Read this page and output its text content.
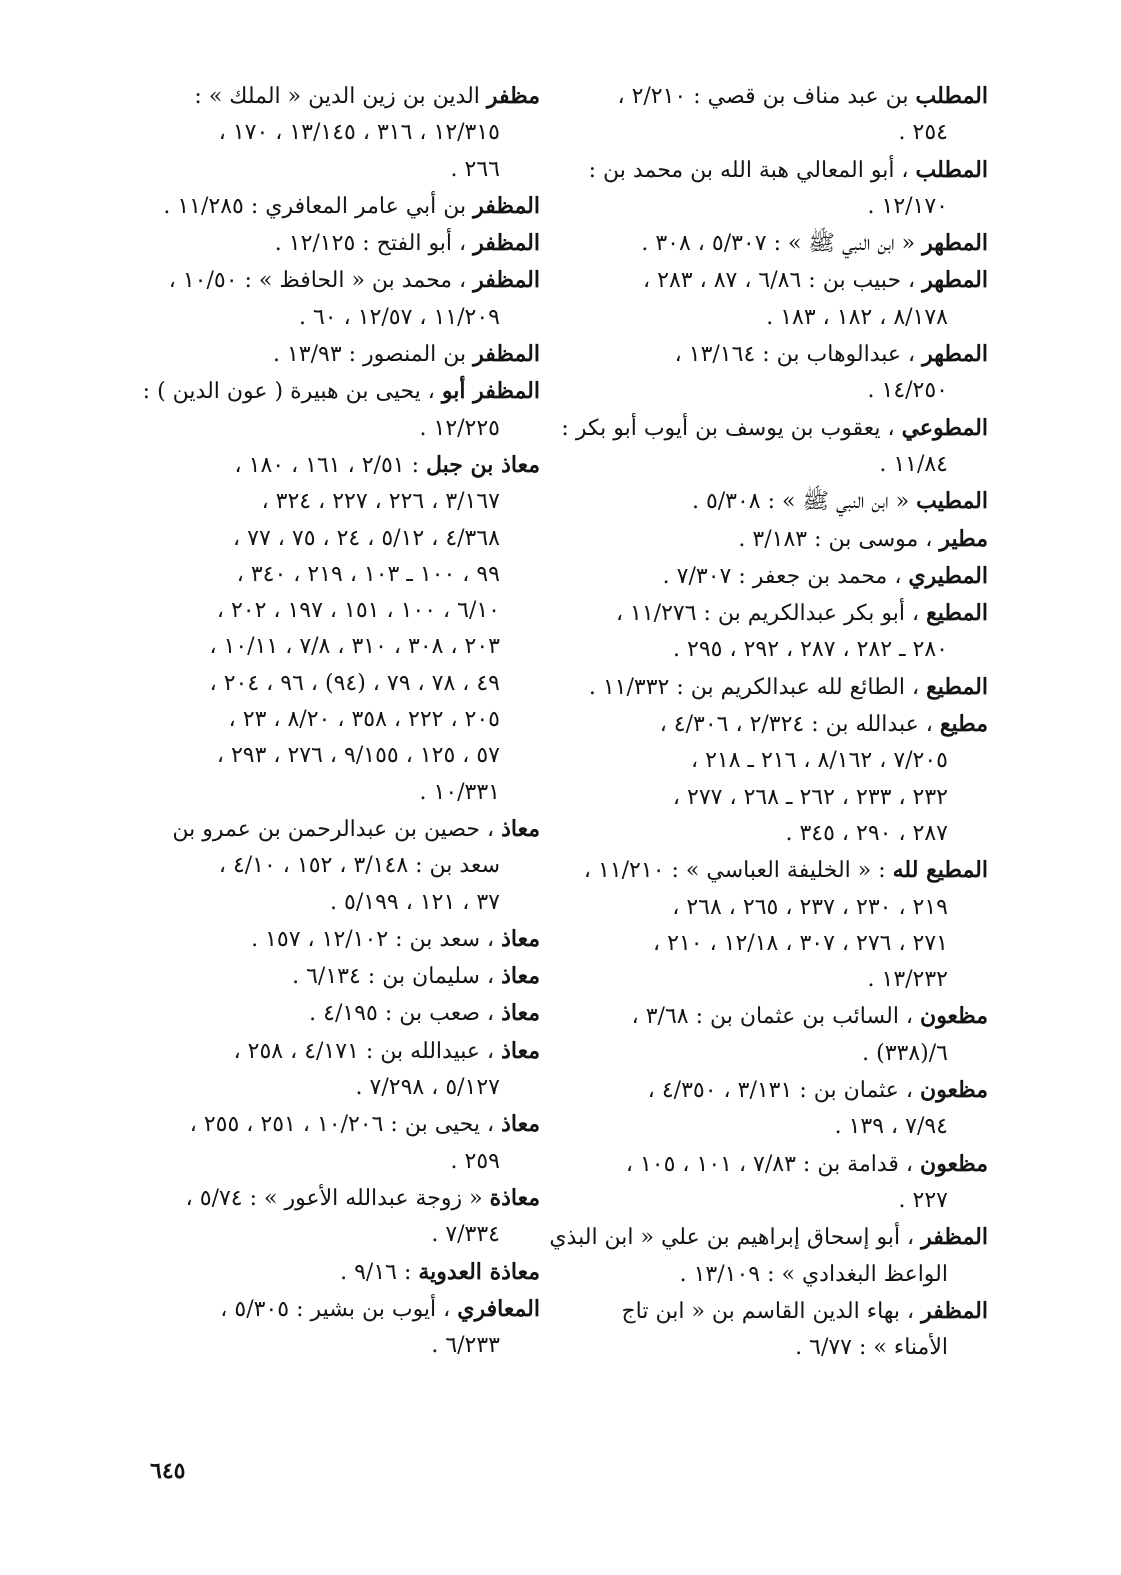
المطلب بن عبد مناف بن قصي : ٢/٢١٠ ،
٢٥٤ .
المطلب ، أبو المعالي هبة الله بن محمد بن :
١٢/١٧٠ .
المطهر « ابن النبي ﷺ » : ٥/٣٠٧ ، ٣٠٨ .
المطهر ، حبيب بن : ٦/٨٦ ، ٨٧ ، ٢٨٣ ،
٨/١٧٨ ، ١٨٢ ، ١٨٣ .
المطهر ، عبدالوهاب بن : ١٣/١٦٤ ،
١٤/٢٥٠ .
المطوعي ، يعقوب بن يوسف بن أيوب أبو بكر :
١١/٨٤ .
المطيب « ابن النبي ﷺ » : ٥/٣٠٨ .
مطير ، موسى بن : ٣/١٨٣ .
المطيري ، محمد بن جعفر : ٧/٣٠٧ .
المطيع ، أبو بكر عبدالكريم بن : ١١/٢٧٦ ،
٢٨٠ ـ ٢٨٢ ، ٢٨٧ ، ٢٩٢ ، ٢٩٥ .
المطيع ، الطائع لله عبدالكريم بن : ١١/٣٣٢ .
مطيع ، عبدالله بن : ٢/٣٢٤ ، ٤/٣٠٦ ،
٧/٢٠٥ ، ٨/١٦٢ ، ٢١٦ ـ ٢١٨ ،
٢٣٢ ، ٢٣٣ ، ٢٦٢ ـ ٢٦٨ ، ٢٧٧ ،
٢٨٧ ، ٢٩٠ ، ٣٤٥ .
المطيع لله : « الخليفة العباسي » : ١١/٢١٠ ،
٢١٩ ، ٢٣٠ ، ٢٣٧ ، ٢٦٥ ، ٢٦٨ ،
٢٧١ ، ٢٧٦ ، ٣٠٧ ، ١٢/١٨ ، ٢١٠ ،
١٣/٢٣٢ .
مظعون ، السائب بن عثمان بن : ٣/٦٨ ،
٦/(٣٣٨) .
مظعون ، عثمان بن : ٣/١٣١ ، ٤/٣٥٠ ،
٧/٩٤ ، ١٣٩ .
مظعون ، قدامة بن : ٧/٨٣ ، ١٠١ ، ١٠٥ ،
٢٢٧ .
المظفر ، أبو إسحاق إبراهيم بن علي « ابن البذي
الواعظ البغدادي » : ١٣/١٠٩ .
المظفر ، بهاء الدين القاسم بن « ابن تاج
الأمناء » : ٦/٧٧ .
مظفر الدين بن زين الدين « الملك » :
١٢/٣١٥ ، ٣١٦ ، ١٣/١٤٥ ، ١٧٠ ،
٢٦٦ .
المظفر بن أبي عامر المعافري : ١١/٢٨٥ .
المظفر ، أبو الفتح : ١٢/١٢٥ .
المظفر ، محمد بن « الحافظ » : ١٠/٥٠ ،
١١/٢٠٩ ، ١٢/٥٧ ، ٦٠ .
المظفر بن المنصور : ١٣/٩٣ .
المظفر أبو ، يحيى بن هبيرة ( عون الدين ) :
١٢/٢٢٥ .
معاذ بن جبل : ٢/٥١ ، ١٦١ ، ١٨٠ ،
٣/١٦٧ ، ٢٢٦ ، ٢٢٧ ، ٣٢٤ ،
٤/٣٦٨ ، ٥/١٢ ، ٢٤ ، ٧٥ ، ٧٧ ،
٩٩ ، ١٠٠ ـ ١٠٣ ، ٢١٩ ، ٣٤٠ ،
٦/١٠ ، ١٠٠ ، ١٥١ ، ١٩٧ ، ٢٠٢ ،
٢٠٣ ، ٣٠٨ ، ٣١٠ ، ٧/٨ ، ١٠/١١ ،
٤٩ ، ٧٨ ، ٧٩ ، (٩٤) ، ٩٦ ، ٢٠٤ ،
٢٠٥ ، ٢٢٢ ، ٣٥٨ ، ٨/٢٠ ، ٢٣ ،
٥٧ ، ١٢٥ ، ٩/١٥٥ ، ٢٧٦ ، ٢٩٣ ،
١٠/٣٣١ .
معاذ ، حصين بن عبدالرحمن بن عمرو بن
سعد بن : ٣/١٤٨ ، ١٥٢ ، ٤/١٠ ،
٣٧ ، ١٢١ ، ٥/١٩٩ .
معاذ ، سعد بن : ١٢/١٠٢ ، ١٥٧ .
معاذ ، سليمان بن : ٦/١٣٤ .
معاذ ، صعب بن : ٤/١٩٥ .
معاذ ، عبيدالله بن : ٤/١٧١ ، ٢٥٨ ،
٥/١٢٧ ، ٧/٢٩٨ .
معاذ ، يحيى بن : ١٠/٢٠٦ ، ٢٥١ ، ٢٥٥ ،
٢٥٩ .
معاذة « زوجة عبدالله الأعور » : ٥/٧٤ ،
٧/٣٣٤ .
معاذة العدوية : ٩/١٦ .
المعافري ، أيوب بن بشير : ٥/٣٠٥ ،
٦/٢٣٣ .
٦٤٥
